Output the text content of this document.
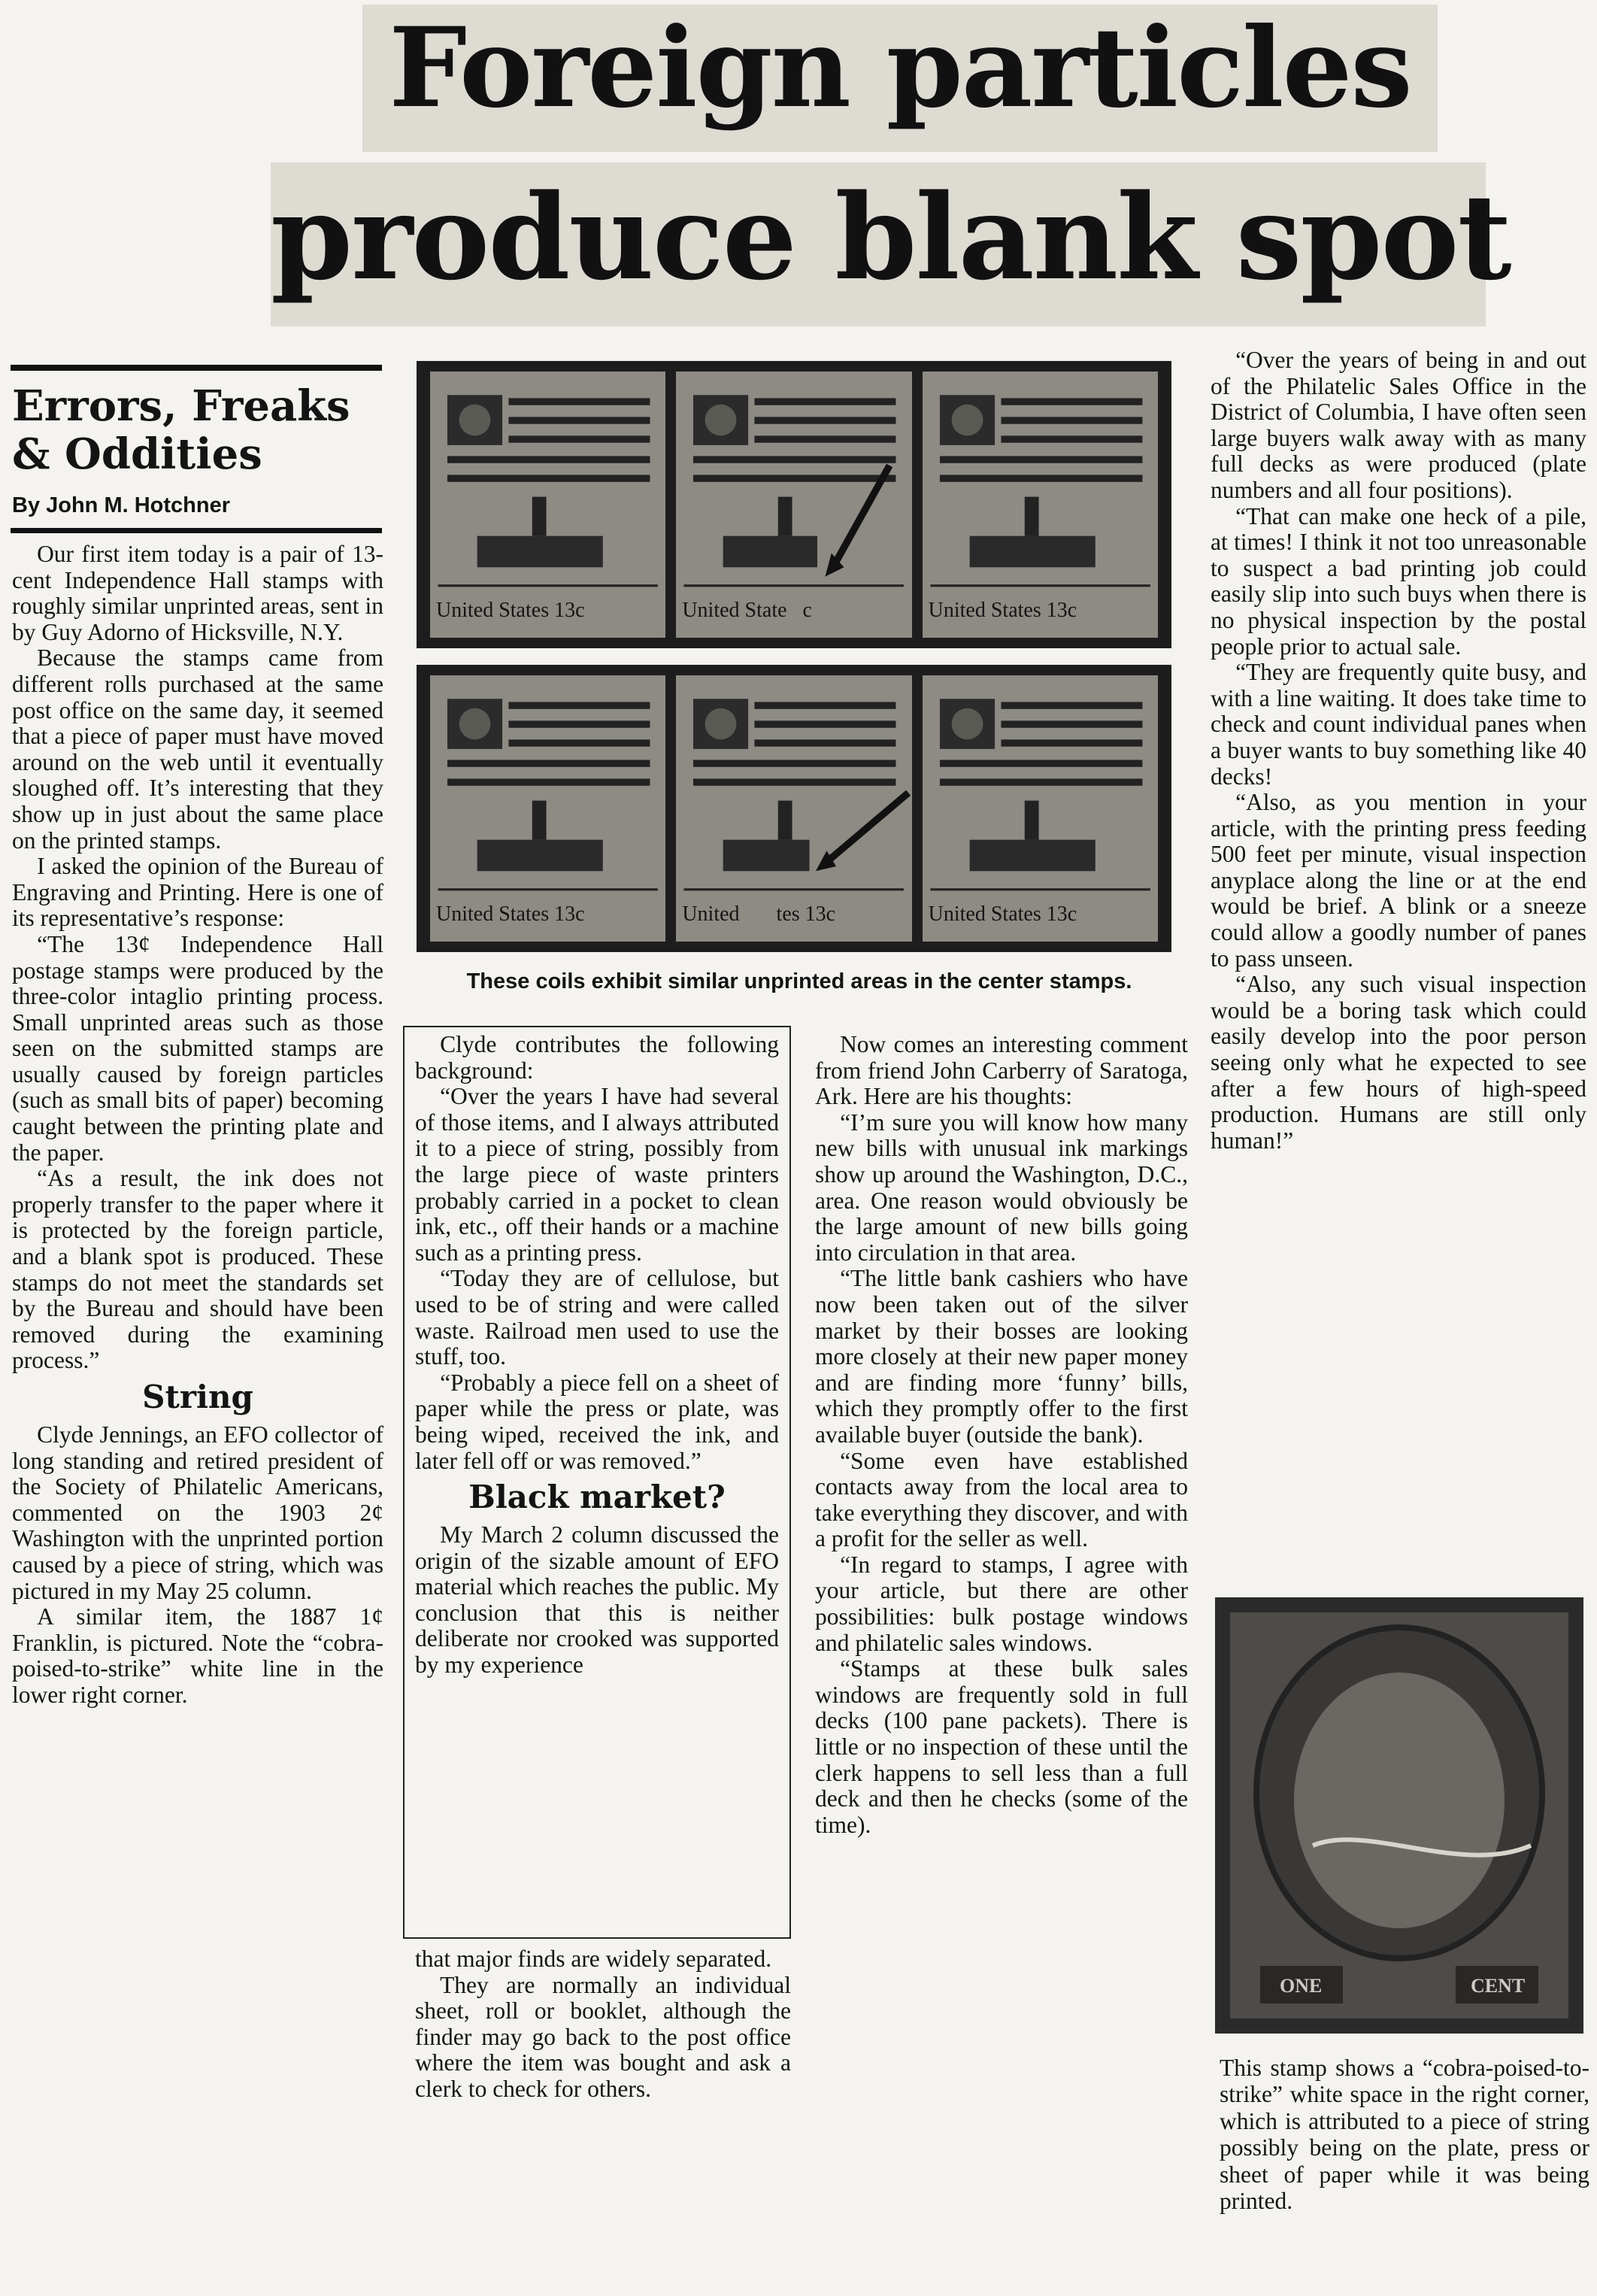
Foreign particles
produce blank spot
Errors, Freaks
& Oddities
By John M. Hotchner
United States 13c	United State   c	United States 13c
United States 13c	United       tes 13c	United States 13c
These coils exhibit similar unprinted areas in the center stamps.

Our first item today is a pair of 13-cent Independence Hall stamps with roughly similar unprinted areas, sent in by Guy Adorno of Hicksville, N.Y.

Because the stamps came from different rolls purchased at the same post office on the same day, it seemed that a piece of paper must have moved around on the web until it eventually sloughed off. It’s interesting that they show up in just about the same place on the printed stamps.

I asked the opinion of the Bureau of Engraving and Printing. Here is one of its representative’s response:

“The 13¢ Independence Hall postage stamps were produced by the three-color intaglio printing process. Small unprinted areas such as those seen on the submitted stamps are usually caused by foreign particles (such as small bits of paper) becoming caught between the printing plate and the paper.

“As a result, the ink does not properly transfer to the paper where it is protected by the foreign particle, and a blank spot is produced. These stamps do not meet the standards set by the Bureau and should have been removed during the examining process.”

String

Clyde Jennings, an EFO collector of long standing and retired president of the Society of Philatelic Americans, commented on the 1903 2¢ Washington with the unprinted portion caused by a piece of string, which was pictured in my May 25 column.

A similar item, the 1887 1¢ Franklin, is pictured. Note the “cobra-poised-to-strike” white line in the lower right corner.

Clyde contributes the following background:

“Over the years I have had several of those items, and I always attributed it to a piece of string, possibly from the large piece of waste printers probably carried in a pocket to clean ink, etc., off their hands or a machine such as a printing press.

“Today they are of cellulose, but used to be of string and were called waste. Railroad men used to use the stuff, too.

“Probably a piece fell on a sheet of paper while the press or plate, was being wiped, received the ink, and later fell off or was removed.”

Black market?

My March 2 column discussed the origin of the sizable amount of EFO material which reaches the public. My conclusion that this is neither deliberate nor crooked was supported by my experience

that major finds are widely separated.

They are normally an individual sheet, roll or booklet, although the finder may go back to the post office where the item was bought and ask a clerk to check for others.

Now comes an interesting comment from friend John Carberry of Saratoga, Ark. Here are his thoughts:

“I’m sure you will know how many new bills with unusual ink markings show up around the Washington, D.C., area. One reason would obviously be the large amount of new bills going into circulation in that area.

“The little bank cashiers who have now been taken out of the silver market by their bosses are looking more closely at their new paper money and are finding more ‘funny’ bills, which they promptly offer to the first available buyer (outside the bank).

“Some even have established contacts away from the local area to take everything they discover, and with a profit for the seller as well.

“In regard to stamps, I agree with your article, but there are other possibilities: bulk postage windows and philatelic sales windows.

“Stamps at these bulk sales windows are frequently sold in full decks (100 pane packets). There is little or no inspection of these until the clerk happens to sell less than a full deck and then he checks (some of the time).

“Over the years of being in and out of the Philatelic Sales Office in the District of Columbia, I have often seen large buyers walk away with as many full decks as were produced (plate numbers and all four positions).

“That can make one heck of a pile, at times! I think it not too unreasonable to suspect a bad printing job could easily slip into such buys when there is no physical inspection by the postal people prior to actual sale.

“They are frequently quite busy, and with a line waiting. It does take time to check and count individual panes when a buyer wants to buy something like 40 decks!

“Also, as you mention in your article, with the printing press feeding 500 feet per minute, visual inspection anyplace along the line or at the end would be brief. A blink or a sneeze could allow a goodly number of panes to pass unseen.

“Also, any such visual inspection would be a boring task which could easily develop into the poor person seeing only what he expected to see after a few hours of high-speed production. Humans are still only human!”

ONE	CENT
This stamp shows a “cobra-poised-to-strike” white space in the right corner, which is attributed to a piece of string possibly being on the plate, press or sheet of paper while it was being printed.
